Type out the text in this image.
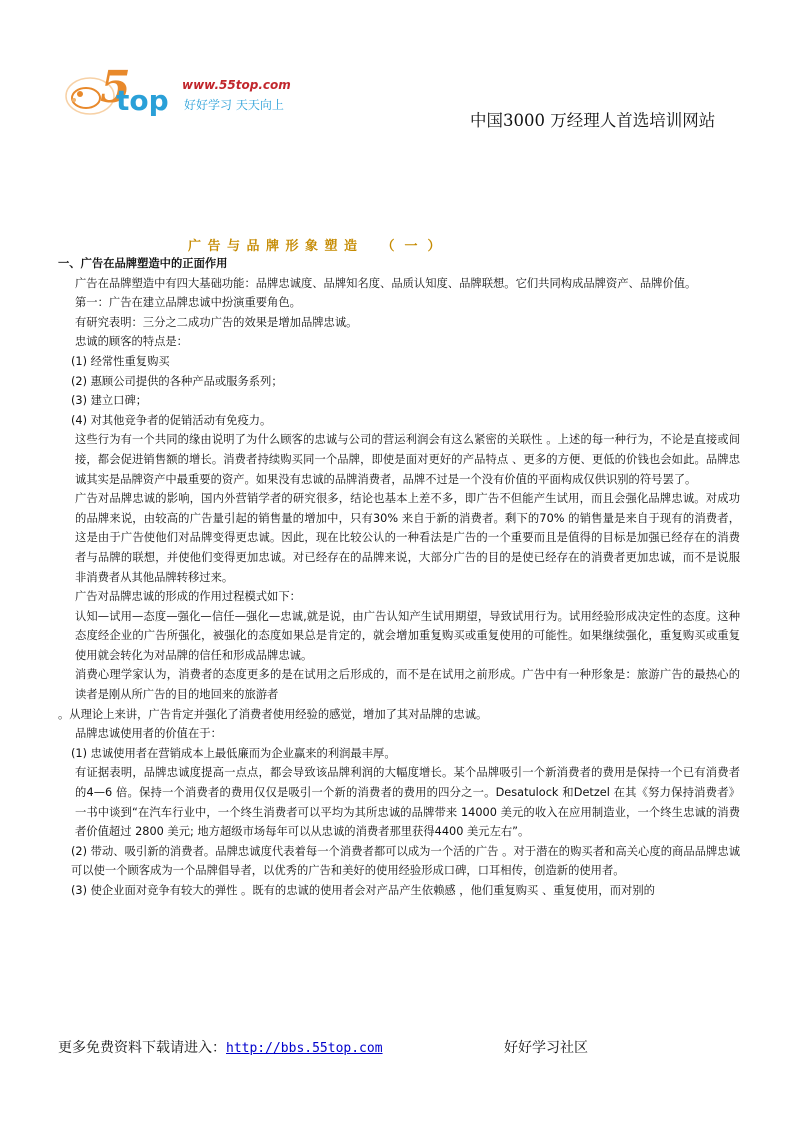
5
top www.55top.com
好好学习 天天向上
中国3000 万经理人首选培训网站
广告与品牌形象塑造 （一）

一、广告在品牌塑造中的正面作用

广告在品牌塑造中有四大基础功能：品牌忠诚度、品牌知名度、品质认知度、品牌联想。它们共同构成品牌资产、品牌价值。

第一：广告在建立品牌忠诚中扮演重要角色。

有研究表明：三分之二成功广告的效果是增加品牌忠诚。

忠诚的顾客的特点是：

(1) 经常性重复购买

(2) 惠顾公司提供的各种产品或服务系列；

(3) 建立口碑；

(4) 对其他竞争者的促销活动有免疫力。

这些行为有一个共同的缘由说明了为什么顾客的忠诚与公司的营运利润会有这么紧密的关联性 。上述的每一种行为，不论是直接或间接，都会促进销售额的增长。消费者持续购买同一个品牌，即使是面对更好的产品特点 、更多的方便、更低的价钱也会如此。品牌忠诚其实是品牌资产中最重要的资产。如果没有忠诚的品牌消费者，品牌不过是一个没有价值的平面构成仅供识别的符号罢了。

广告对品牌忠诚的影响，国内外营销学者的研究很多，结论也基本上差不多，即广告不但能产生试用，而且会强化品牌忠诚。对成功的品牌来说，由较高的广告量引起的销售量的增加中，只有30% 来自于新的消费者。剩下的70% 的销售量是来自于现有的消费者，这是由于广告使他们对品牌变得更忠诚。因此，现在比较公认的一种看法是广告的一个重要而且是值得的目标是加强已经存在的消费者与品牌的联想，并使他们变得更加忠诚。对已经存在的品牌来说，大部分广告的目的是使已经存在的消费者更加忠诚，而不是说服非消费者从其他品牌转移过来。

广告对品牌忠诚的形成的作用过程模式如下：

认知—试用—态度—强化—信任—强化—忠诚,就是说，由广告认知产生试用期望，导致试用行为。试用经验形成决定性的态度。这种态度经企业的广告所强化，被强化的态度如果总是肯定的，就会增加重复购买或重复使用的可能性。如果继续强化，重复购买或重复使用就会转化为对品牌的信任和形成品牌忠诚。

消费心理学家认为，消费者的态度更多的是在试用之后形成的，而不是在试用之前形成。广告中有一种形象是：旅游广告的最热心的读者是刚从所广告的目的地回来的旅游者

。从理论上来讲，广告肯定并强化了消费者使用经验的感觉，增加了其对品牌的忠诚。

品牌忠诚使用者的价值在于：

(1) 忠诚使用者在营销成本上最低廉而为企业赢来的利润最丰厚。

有证据表明，品牌忠诚度提高一点点，都会导致该品牌利润的大幅度增长。某个品牌吸引一个新消费者的费用是保持一个已有消费者的4—6 倍。保持一个消费者的费用仅仅是吸引一个新的消费者的费用的四分之一。Desatulock 和Detzel 在其《努力保持消费者》一书中谈到“在汽车行业中，一个终生消费者可以平均为其所忠诚的品牌带来 14000 美元的收入在应用制造业，一个终生忠诚的消费者价值超过 2800 美元; 地方超级市场每年可以从忠诚的消费者那里获得4400 美元左右”。

(2) 带动、吸引新的消费者。品牌忠诚度代表着每一个消费者都可以成为一个活的广告 。对于潜在的购买者和高关心度的商品品牌忠诚可以使一个顾客成为一个品牌倡导者，以优秀的广告和美好的使用经验形成口碑，口耳相传，创造新的使用者。

(3) 使企业面对竞争有较大的弹性 。既有的忠诚的使用者会对产品产生依赖感 ，他们重复购买 、重复使用，而对别的

更多免费资料下载请进入：http://bbs.55top.com	好好学习社区
